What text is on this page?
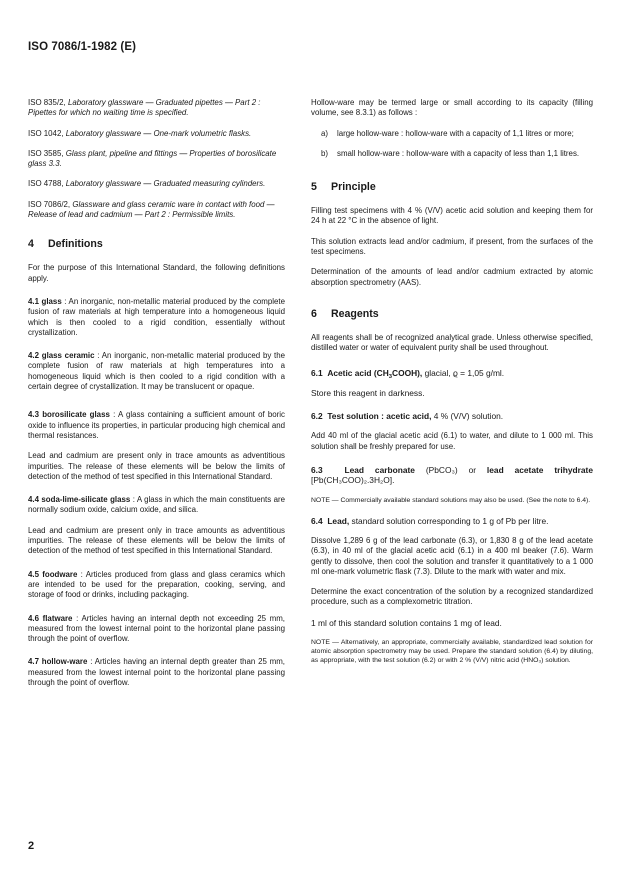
ISO 7086/1-1982 (E)
ISO 835/2, Laboratory glassware — Graduated pipettes — Part 2 : Pipettes for which no waiting time is specified.
ISO 1042, Laboratory glassware — One-mark volumetric flasks.
ISO 3585, Glass plant, pipeline and fittings — Properties of borosilicate glass 3.3.
ISO 4788, Laboratory glassware — Graduated measuring cylinders.
ISO 7086/2, Glassware and glass ceramic ware in contact with food — Release of lead and cadmium — Part 2 : Permissible limits.
4 Definitions

For the purpose of this International Standard, the following definitions apply.

4.1 glass : An inorganic, non-metallic material produced by the complete fusion of raw materials at high temperature into a homogeneous liquid which is then cooled to a rigid condition, essentially without crystallization.

4.2 glass ceramic : An inorganic, non-metallic material produced by the complete fusion of raw materials at high temperatures into a homogeneous liquid which is then cooled to a rigid condition with a certain degree of crystallization. It may be translucent or opaque.

4.3 borosilicate glass : A glass containing a sufficient amount of boric oxide to influence its properties, in particular producing high chemical and thermal resistances.

Lead and cadmium are present only in trace amounts as adventitious impurities. The release of these elements will be below the limits of detection of the method of test specified in this International Standard.

4.4 soda-lime-silicate glass : A glass in which the main constituents are normally sodium oxide, calcium oxide, and silica.

Lead and cadmium are present only in trace amounts as adventitious impurities. The release of these elements will be below the limits of detection of the method of test specified in this International Standard.

4.5 foodware : Articles produced from glass and glass ceramics which are intended to be used for the preparation, cooking, serving, and storage of food or drinks, including packaging.

4.6 flatware : Articles having an internal depth not exceeding 25 mm, measured from the lowest internal point to the horizontal plane passing through the point of overflow.

4.7 hollow-ware : Articles having an internal depth greater than 25 mm, measured from the lowest internal point to the horizontal plane passing through the point of overflow.

Hollow-ware may be termed large or small according to its capacity (filling volume, see 8.3.1) as follows :

a)	large hollow-ware : hollow-ware with a capacity of 1,1 litres or more;
b)	small hollow-ware : hollow-ware with a capacity of less than 1,1 litres.
5 Principle

Filling test specimens with 4 % (V/V) acetic acid solution and keeping them for 24 h at 22 °C in the absence of light.

This solution extracts lead and/or cadmium, if present, from the surfaces of the test specimens.

Determination of the amounts of lead and/or cadmium extracted by atomic absorption spectrometry (AAS).

6 Reagents

All reagents shall be of recognized analytical grade. Unless otherwise specified, distilled water or water of equivalent purity shall be used throughout.

6.1 Acetic acid $(CH_3COOH)$, glacial, ϱ = 1,05 g/ml.

Store this reagent in darkness.

6.2 Test solution : acetic acid, 4 % (V/V) solution.

Add 40 ml of the glacial acetic acid (6.1) to water, and dilute to 1 000 ml. This solution shall be freshly prepared for use.

6.3	Lead carbonate (PbCO₃) or lead acetate trihydrate [Pb(CH₃COO)₂.3H₂O].

NOTE — Commercially available standard solutions may also be used. (See the note to 6.4).

6.4 Lead, standard solution corresponding to 1 g of Pb per litre.

Dissolve 1,289 6 g of the lead carbonate (6.3), or 1,830 8 g of the lead acetate (6.3), in 40 ml of the glacial acetic acid (6.1) in a 400 ml beaker (7.6). Warm gently to dissolve, then cool the solution and transfer it quantitatively to a 1 000 ml one-mark volumetric flask (7.3). Dilute to the mark with water and mix.

Determine the exact concentration of the solution by a recognized standardized procedure, such as a complexometric titration.

1 ml of this standard solution contains 1 mg of lead.

NOTE — Alternatively, an appropriate, commercially available, standardized lead solution for atomic absorption spectrometry may be used. Prepare the standard solution (6.4) by diluting, as appropriate, with the test solution (6.2) or with 2 % (V/V) nitric acid (HNO₃) solution.
2
